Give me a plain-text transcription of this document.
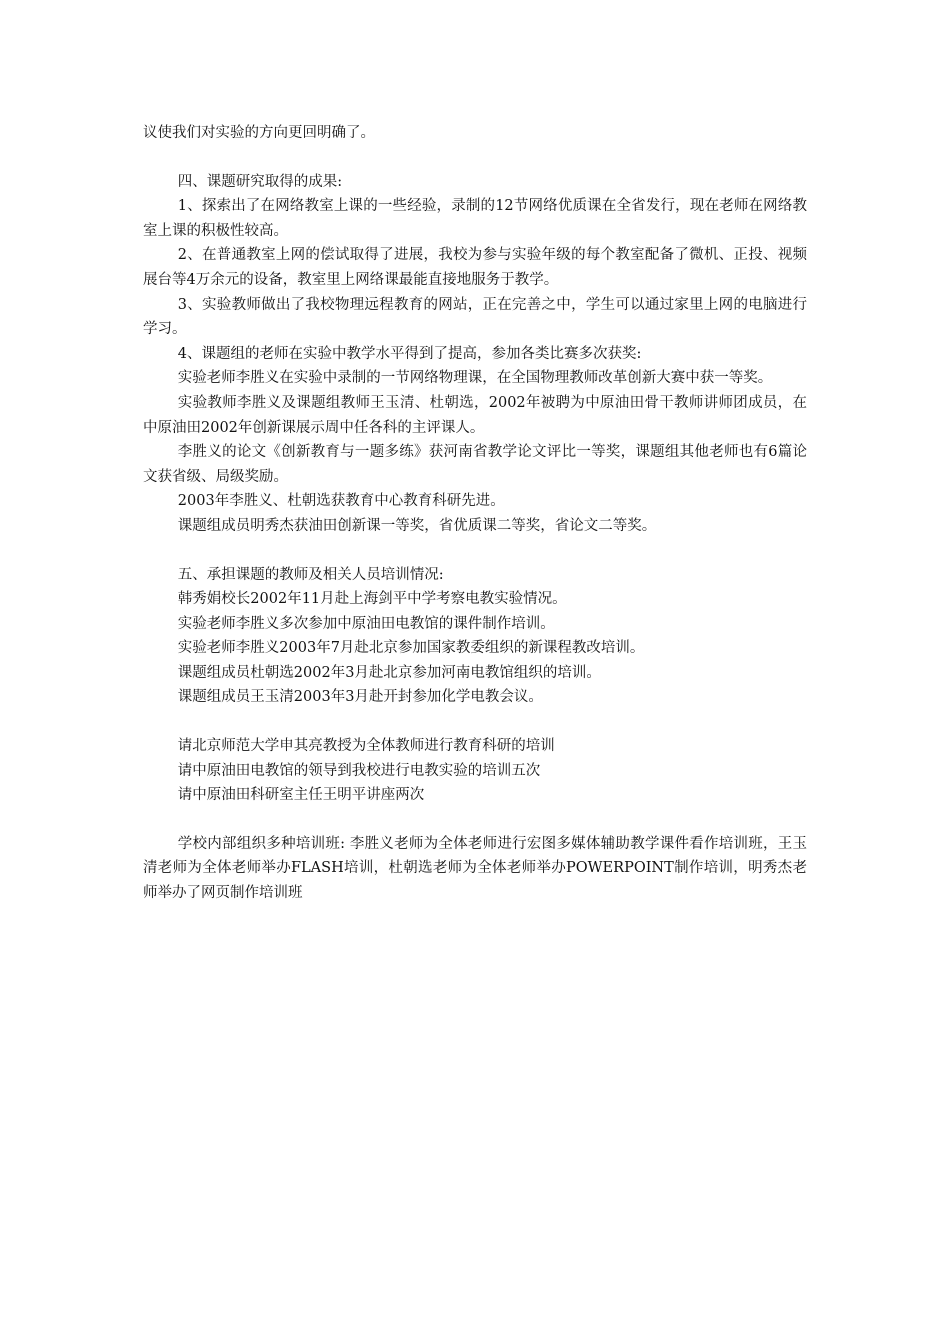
议使我们对实验的方向更回明确了。

四、课题研究取得的成果:

1、探索出了在网络教室上课的一些经验，录制的12节网络优质课在全省发行，现在老师在网络教室上课的积极性较高。

2、在普通教室上网的偿试取得了进展，我校为参与实验年级的每个教室配备了微机、正投、视频展台等4万余元的设备，教室里上网络课最能直接地服务于教学。

3、实验教师做出了我校物理远程教育的网站，正在完善之中，学生可以通过家里上网的电脑进行学习。

4、课题组的老师在实验中教学水平得到了提高，参加各类比赛多次获奖:

实验老师李胜义在实验中录制的一节网络物理课，在全国物理教师改革创新大赛中获一等奖。

实验教师李胜义及课题组教师王玉清、杜朝选，2002年被聘为中原油田骨干教师讲师团成员，在中原油田2002年创新课展示周中任各科的主评课人。

李胜义的论文《创新教育与一题多练》获河南省教学论文评比一等奖，课题组其他老师也有6篇论文获省级、局级奖励。

2003年李胜义、杜朝选获教育中心教育科研先进。

课题组成员明秀杰获油田创新课一等奖，省优质课二等奖，省论文二等奖。

五、承担课题的教师及相关人员培训情况:

韩秀娟校长2002年11月赴上海剑平中学考察电教实验情况。

实验老师李胜义多次参加中原油田电教馆的课件制作培训。

实验老师李胜义2003年7月赴北京参加国家教委组织的新课程教改培训。

课题组成员杜朝选2002年3月赴北京参加河南电教馆组织的培训。

课题组成员王玉清2003年3月赴开封参加化学电教会议。

请北京师范大学申其亮教授为全体教师进行教育科研的培训

请中原油田电教馆的领导到我校进行电教实验的培训五次

请中原油田科研室主任王明平讲座两次

学校内部组织多种培训班: 李胜义老师为全体老师进行宏图多媒体辅助教学课件看作培训班，王玉清老师为全体老师举办FLASH培训，杜朝选老师为全体老师举办POWERPOINT制作培训，明秀杰老师举办了网页制作培训班
